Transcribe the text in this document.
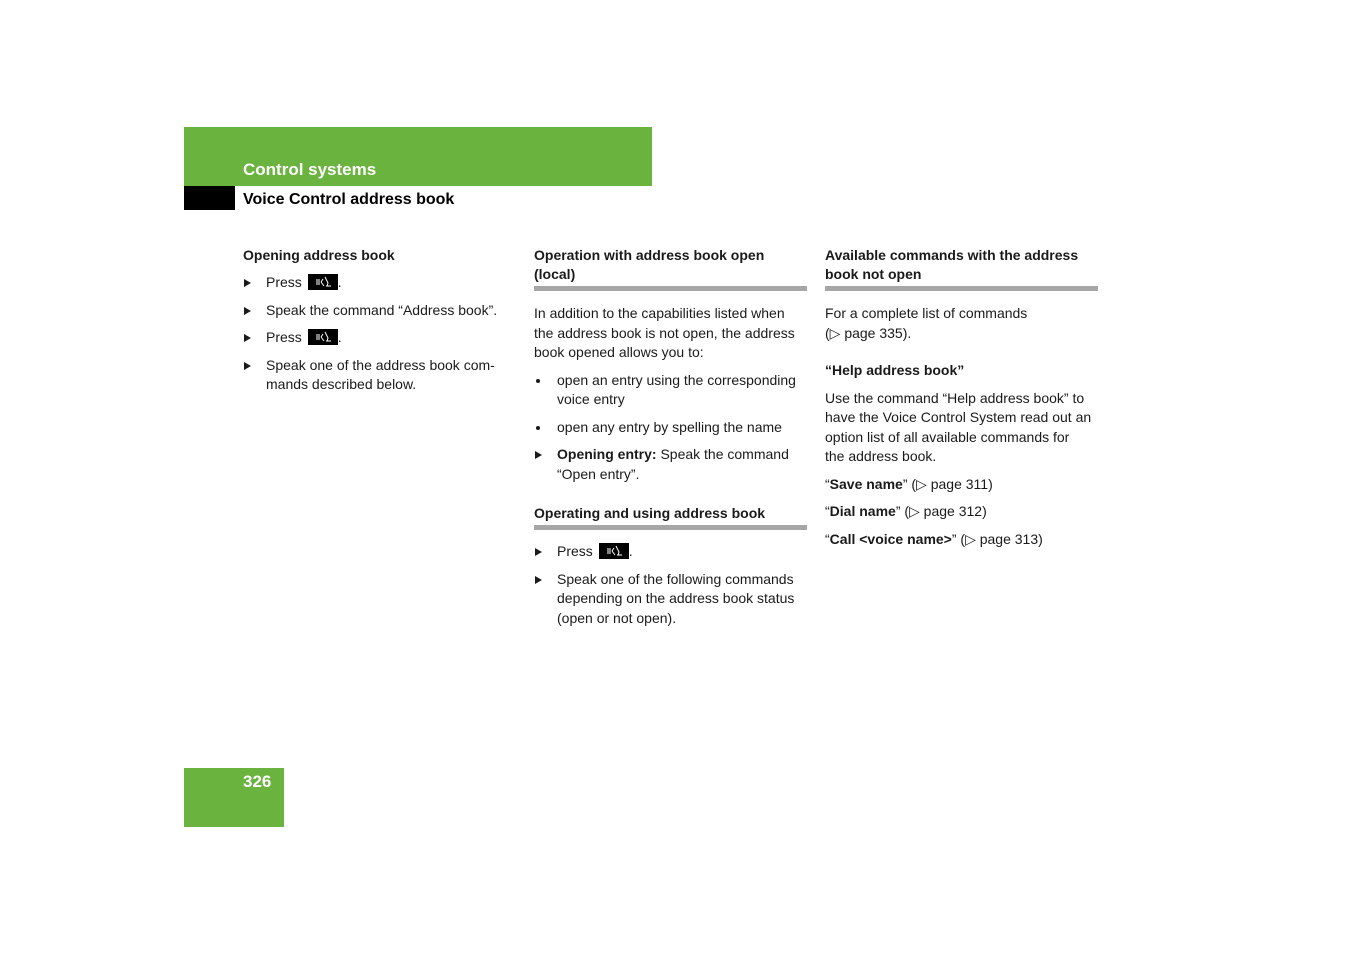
Control systems
Voice Control address book
Opening address book

Press
.

Speak the command “Address book”.

Press
.

Speak one of the address book com-
mands described below.

Operation with address book open
(local)

In addition to the capabilities listed when
the address book is not open, the address
book opened allows you to:

open an entry using the corresponding
voice entry

open any entry by spelling the name

Opening entry: Speak the command
“Open entry”.

Operating and using address book

Press
.

Speak one of the following commands
depending on the address book status
(open or not open).

Available commands with the address
book not open

For a complete list of commands
(▷ page 335).

“Help address book”

Use the command “Help address book” to
have the Voice Control System read out an
option list of all available commands for
the address book.

“Save name” (▷ page 311)

“Dial name” (▷ page 312)

“Call <voice name>” (▷ page 313)

326
